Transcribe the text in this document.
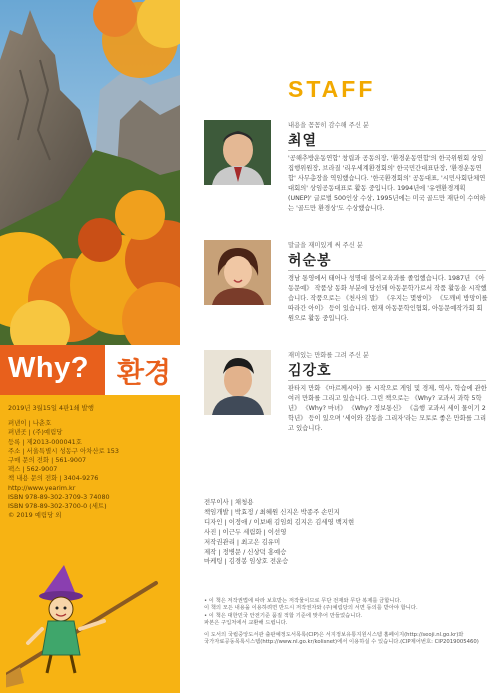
Why? 환경
2019년 3월15일 4판1쇄 발행
펴낸이 | 나춘호
펴낸곳 | (주)예림당
등록 | 제2013-000041호
주소 | 서울특별시 성동구 아차산로 153
구매 문의 전화 | 561-9007
팩스 | 562-9007
책 내용 문의 전화 | 3404-9276
http://www.yearim.kr
ISBN 978-89-302-3709-3 74080
ISBN 978-89-302-3700-0 (세트)
© 2019 예림당 외
STAFF
내용을 꼼꼼히 감수해 주신 분
최열
'공해추방운동연합' 창립과 공동의장, '환경운동연합'의 한국위원회 상임집행위원장, 브라질 '리우세계환경회의' 한국민간대표단장, '환경운동연합' 사무총장을 역임했습니다. '한국환경회의' 공동대표, '시민사회단체연대회의' 상임공동대표로 활동 중입니다. 1994년에 '유엔환경계획(UNEP)' 글로벌 500인상 수상, 1995년에는 미국 골드만 재단이 수여하는 '골드만 환경상'도 수상했습니다.
말글을 재미있게 써 주신 분
허순봉
경남 통영에서 태어나 성명대 불어교육과를 졸업했습니다. 1987년 《아동문예》 작품상 동화 부분에 당선돼 아동문학가로서 작품 활동을 시작했습니다. 작품으로는 《천사의 말》 《우지는 몇쌍이》 《도깨비 방망이를 따라간 아이》 등이 있습니다. 현재 아동문학인협회, 아동문예작가회 회원으로 활동 중입니다.
재미있는 만화를 그려 주신 분
김강호
판타지 만화 《마르께시아》를 시작으로 게임 및 경제, 역사, 학습에 관한 여러 만화를 그리고 있습니다. 그린 책으로는 《Why? 교과서 과학 5학년》 《Why? 마녀》 《Why? 정보통신》 《음행 교과서 세이 물이기 2학년》 등이 있으며 '세이와 감동을 그리자'라는 모토로 좋은 만화를 그리고 있습니다.
전무이사 | 채청용
책임개발 | 박효정 / 최혜원 신지은 박종주 손민지
디자인 | 이정애 / 이보배 김임희 김지은 김세영 백지현
사진 | 이근두 세림화 | 이선영
저작권관리 | 최고은 김유미
제작 | 정병문 / 신상덕 홍예승
마케팅 | 김경봉 임상호 전운승
• 이 책은 저작권법에 따라 보호받는 저작물이므로 무단 전재와 무단 복제를 금합니다.
이 책의 모든 내용을 이용하려면 반드시 저작권자와 (주)예림당의 서면 동의를 받아야 합니다.
• 이 책은 대한민국 안전기준 품질 적합 기준에 맞추어 만들었습니다.
파본은 구입처에서 교환해 드립니다.
이 도서의 국립중앙도서관 출판예정도서목록(CIP)은 서지정보유통지원시스템 홈페이지(http://seoji.nl.go.kr)와
국가자료공동목록시스템(http://www.nl.go.kr/kolisnet)에서 이용하실 수 있습니다.(CIP제어번호: CIP2019005460)
